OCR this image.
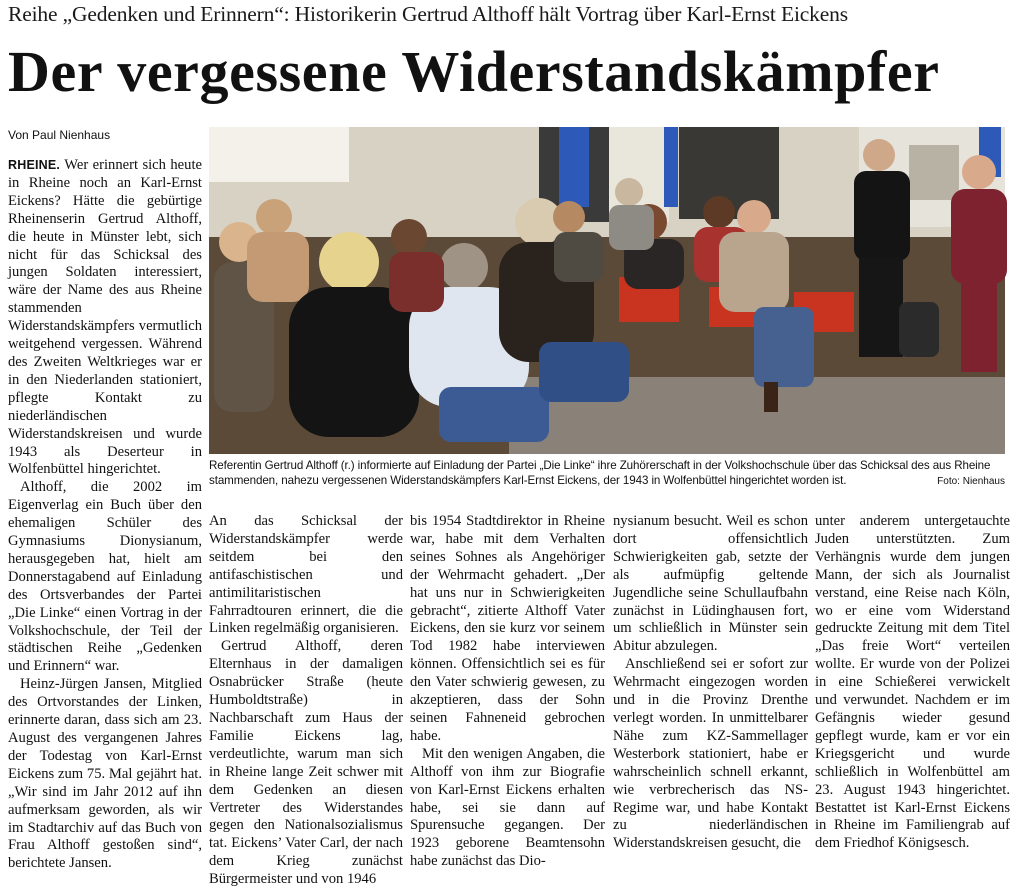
Reihe „Gedenken und Erinnern“: Historikerin Gertrud Althoff hält Vortrag über Karl-Ernst Eickens
Der vergessene Widerstandskämpfer
Von Paul Nienhaus

RHEINE. Wer erinnert sich heute in Rheine noch an Karl-Ernst Eickens? Hätte die gebürtige Rheinenserin Gertrud Althoff, die heute in Münster lebt, sich nicht für das Schicksal des jungen Soldaten interessiert, wäre der Name des aus Rheine stammenden Widerstandskämpfers vermutlich weitgehend vergessen. Während des Zweiten Weltkrieges war er in den Niederlanden stationiert, pflegte Kontakt zu niederländischen Widerstandskreisen und wurde 1943 als Deserteur in Wolfenbüttel hingerichtet.

Althoff, die 2002 im Eigenverlag ein Buch über den ehemaligen Schüler des Gymnasiums Dionysianum, herausgegeben hat, hielt am Donnerstagabend auf Einladung des Ortsverbandes der Partei „Die Linke“ einen Vortrag in der Volkshochschule, der Teil der städtischen Reihe „Gedenken und Erinnern“ war.

Heinz-Jürgen Jansen, Mitglied des Ortvorstandes der Linken, erinnerte daran, dass sich am 23. August des vergangenen Jahres der Todestag von Karl-Ernst Eickens zum 75. Mal gejährt hat. „Wir sind im Jahr 2012 auf ihn aufmerksam geworden, als wir im Stadtarchiv auf das Buch von Frau Althoff gestoßen sind“, berichtete Jansen.

Referentin Gertrud Althoff (r.) informierte auf Einladung der Partei „Die Linke“ ihre Zuhörerschaft in der Volkshochschule über das Schicksal des aus Rheine stammenden, nahezu vergessenen Widerstandskämpfers Karl-Ernst Eickens, der 1943 in Wolfenbüttel hingerichtet worden ist.	Foto: Nienhaus

An das Schicksal der Widerstandskämpfer werde seitdem bei den antifaschistischen und antimilitaristischen Fahrradtouren erinnert, die die Linken regelmäßig organisieren.

Gertrud Althoff, deren Elternhaus in der damaligen Osnabrücker Straße (heute Humboldtstraße) in Nachbarschaft zum Haus der Familie Eickens lag, verdeutlichte, warum man sich in Rheine lange Zeit schwer mit dem Gedenken an diesen Vertreter des Widerstandes gegen den Nationalsozialismus tat. Eickens’ Vater Carl, der nach dem Krieg zunächst Bürgermeister und von 1946

bis 1954 Stadtdirektor in Rheine war, habe mit dem Verhalten seines Sohnes als Angehöriger der Wehrmacht gehadert. „Der hat uns nur in Schwierigkeiten gebracht“, zitierte Althoff Vater Eickens, den sie kurz vor seinem Tod 1982 habe interviewen können. Offensichtlich sei es für den Vater schwierig gewesen, zu akzeptieren, dass der Sohn seinen Fahneneid gebrochen habe.

Mit den wenigen Angaben, die Althoff von ihm zur Biografie von Karl-Ernst Eickens erhalten habe, sei sie dann auf Spurensuche gegangen. Der 1923 geborene Beamtensohn habe zunächst das Dio-

nysianum besucht. Weil es schon dort offensichtlich Schwierigkeiten gab, setzte der als aufmüpfig geltende Jugendliche seine Schullaufbahn zunächst in Lüdinghausen fort, um schließlich in Münster sein Abitur abzulegen.

Anschließend sei er sofort zur Wehrmacht eingezogen worden und in die Provinz Drenthe verlegt worden. In unmittelbarer Nähe zum KZ-Sammellager Westerbork stationiert, habe er wahrscheinlich schnell erkannt, wie verbrecherisch das NS-Regime war, und habe Kontakt zu niederländischen Widerstandskreisen gesucht, die

unter anderem untergetauchte Juden unterstützten. Zum Verhängnis wurde dem jungen Mann, der sich als Journalist verstand, eine Reise nach Köln, wo er eine vom Widerstand gedruckte Zeitung mit dem Titel „Das freie Wort“ verteilen wollte. Er wurde von der Polizei in eine Schießerei verwickelt und verwundet. Nachdem er im Gefängnis wieder gesund gepflegt wurde, kam er vor ein Kriegsgericht und wurde schließlich in Wolfenbüttel am 23. August 1943 hingerichtet. Bestattet ist Karl-Ernst Eickens in Rheine im Familiengrab auf dem Friedhof Königsesch.
